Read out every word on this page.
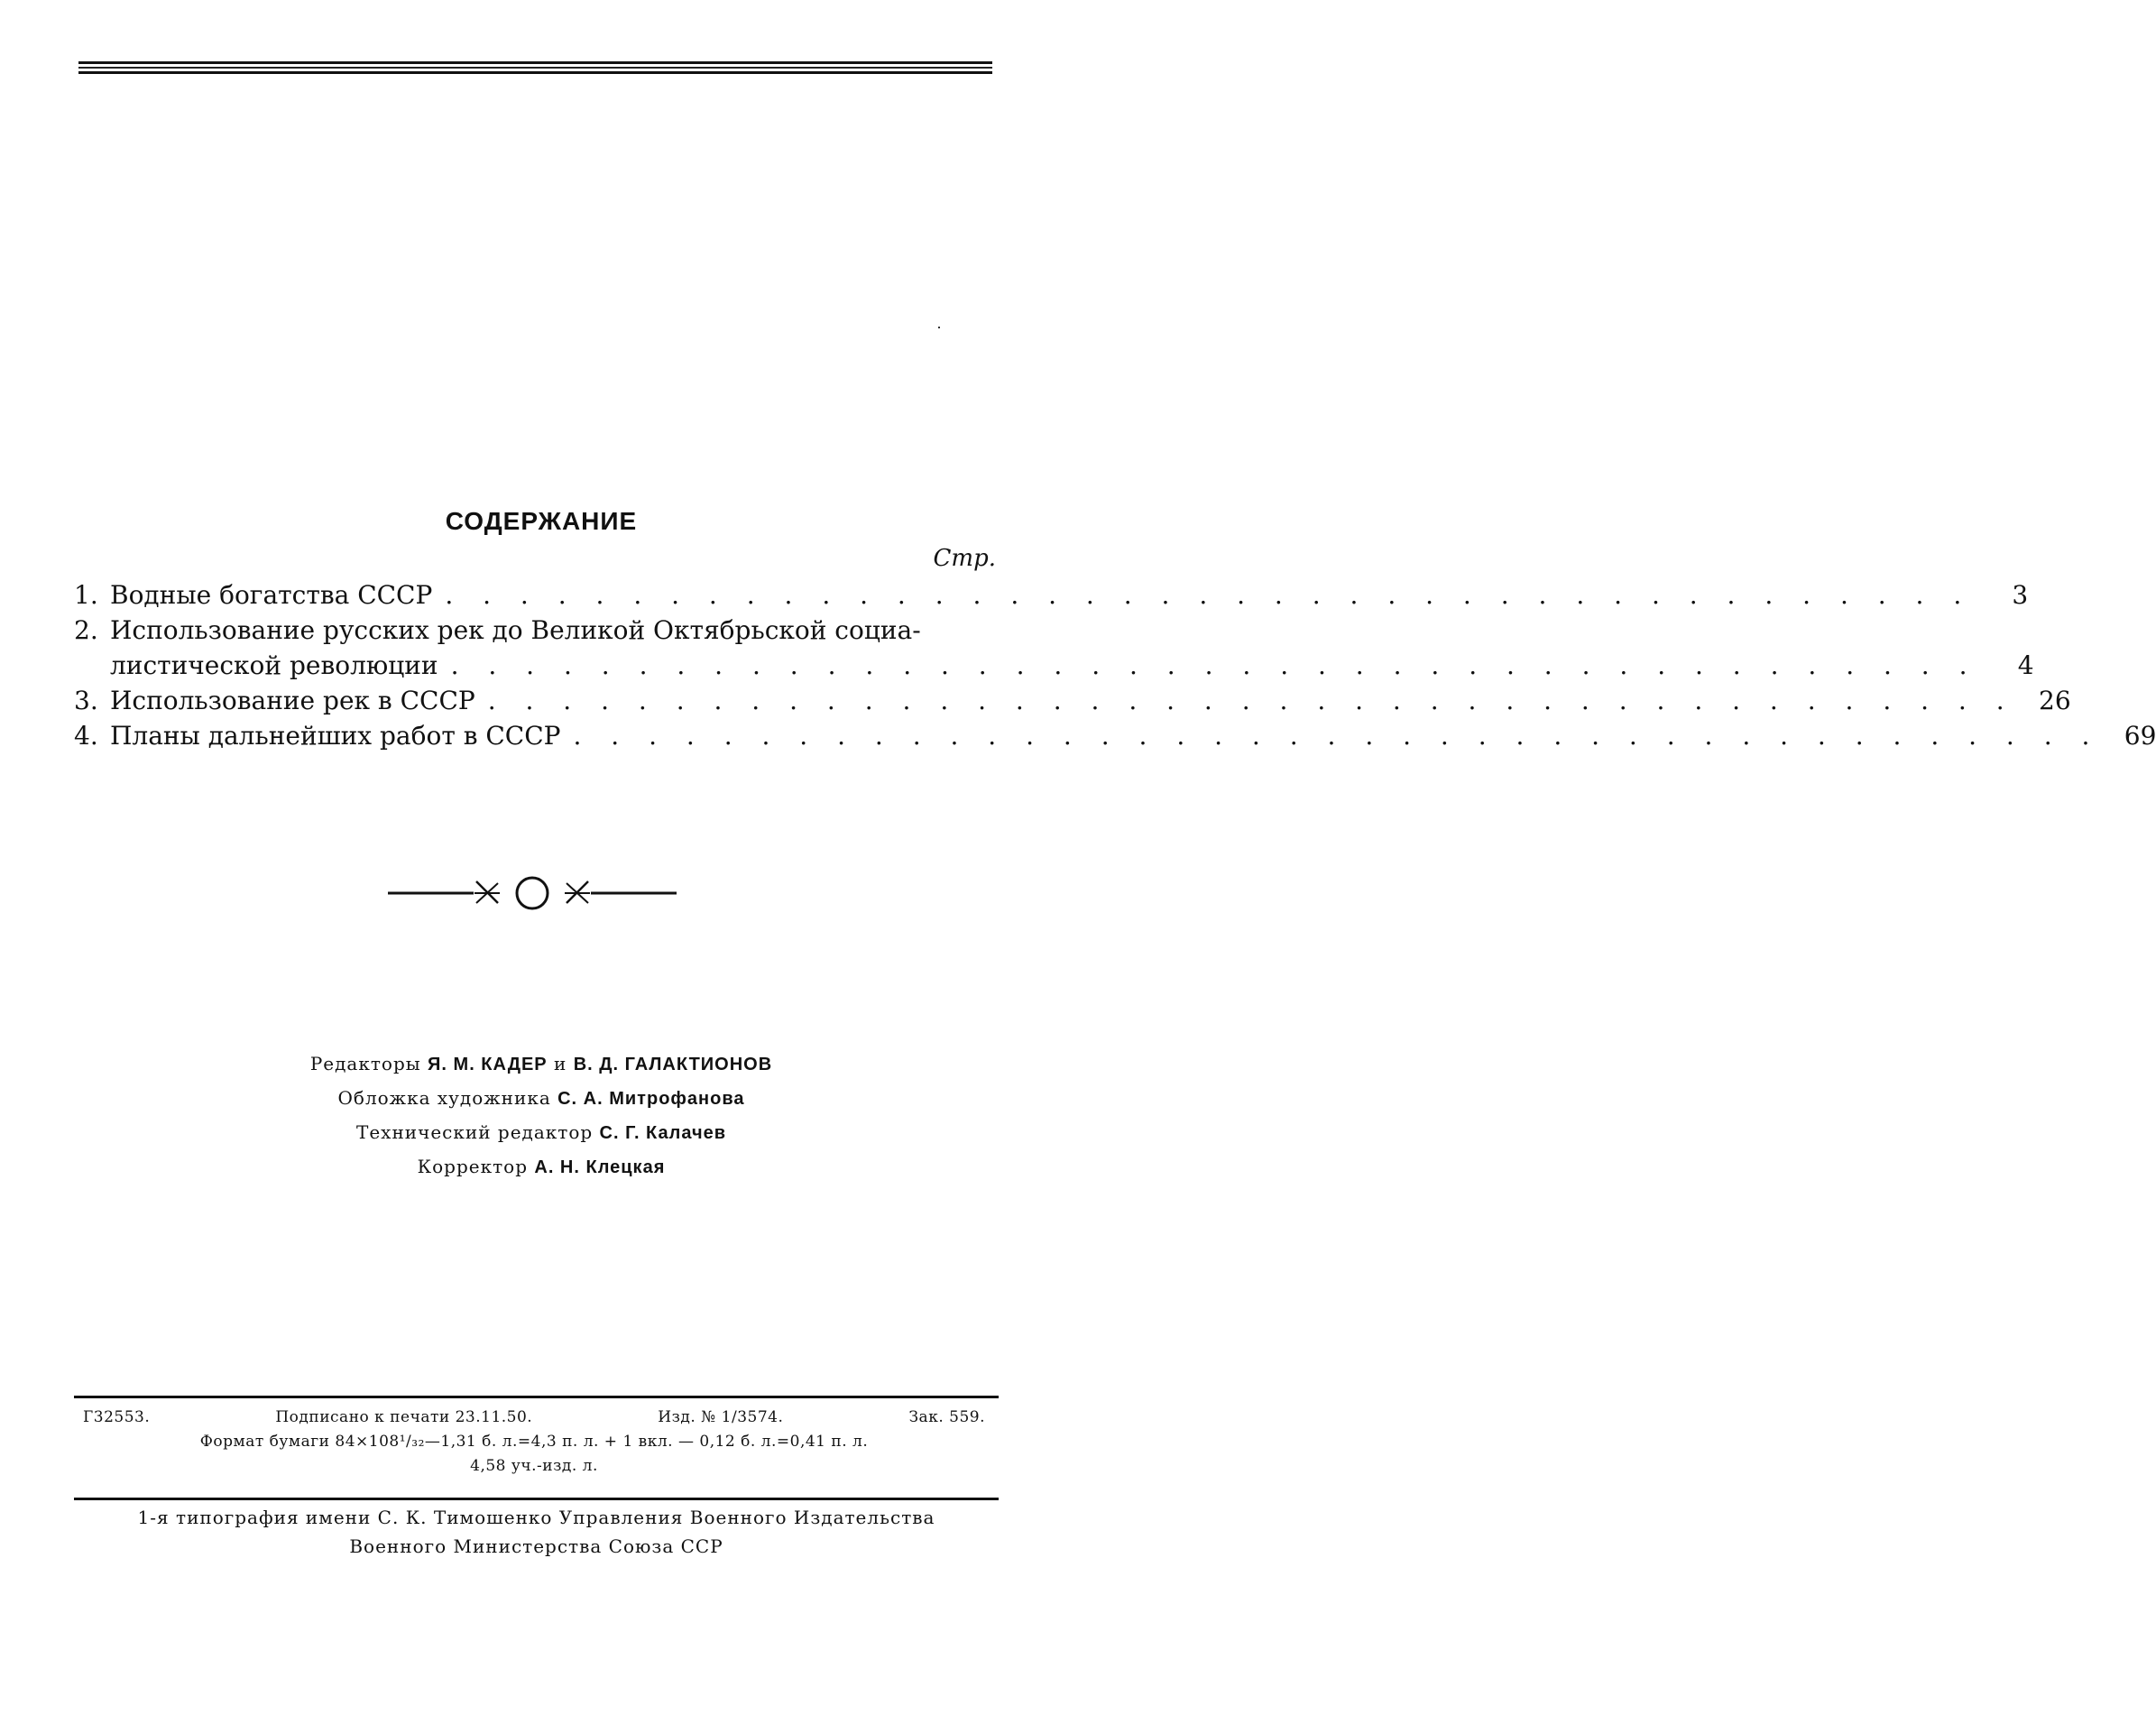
СОДЕРЖАНИЕ
Стр.
1. Водные богатства СССР . . .	3
2. Использование русских рек до Великой Октябрьской социа-
листической революции . . .	4
3. Использование рек в СССР . . .	26
4. Планы дальнейших работ в СССР . . .	69
Редакторы Я. М. КАДЕР и В. Д. ГАЛАКТИОНОВ
Обложка художника С. А. Митрофанова
Технический редактор С. Г. Калачев
Корректор А. Н. Клецкая
Г32553.	Подписано к печати 23.11.50.	Изд. № 1/3574.	Зак. 559.
Формат бумаги 84×108¹/₃₂—1,31 б. л.=4,3 п. л. + 1 вкл. — 0,12 б. л.=0,41 п. л.
4,58 уч.-изд. л.
1-я типография имени С. К. Тимошенко Управления Военного Издательства
Военного Министерства Союза ССР
